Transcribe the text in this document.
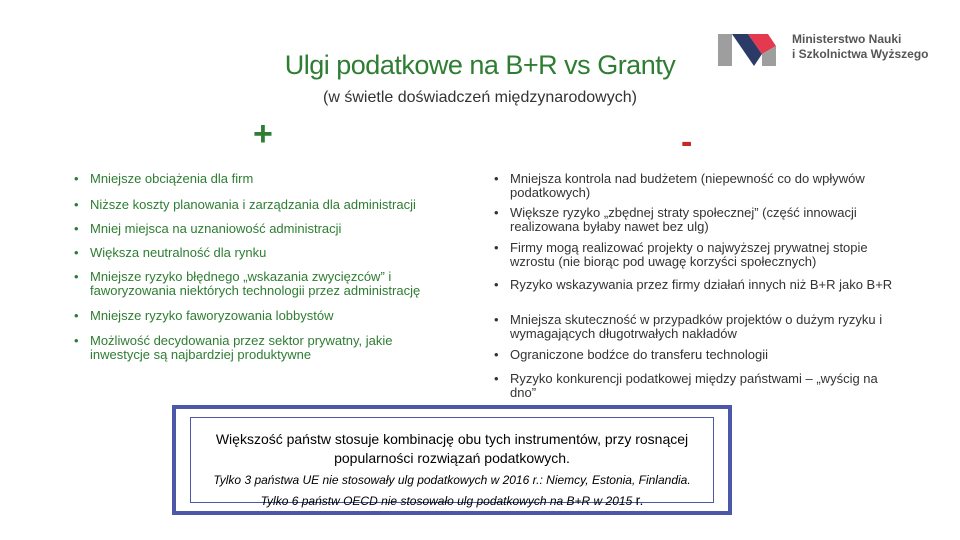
Ulgi podatkowe na B+R vs Granty
(w świetle doświadczeń międzynarodowych)
Ministerstwo Nauki
i Szkolnictwa Wyższego
+	-
• Mniejsze obciążenia dla firm
• Niższe koszty planowania i zarządzania dla administracji
• Mniej miejsca na uznaniowość administracji
• Większa neutralność dla rynku
• Mniejsze ryzyko błędnego „wskazania zwycięzców” i faworyzowania niektórych technologii przez administrację
• Mniejsze ryzyko faworyzowania lobbystów
• Możliwość decydowania przez sektor prywatny, jakie inwestycje są najbardziej produktywne
• Mniejsza kontrola nad budżetem (niepewność co do wpływów podatkowych)
• Większe ryzyko „zbędnej straty społecznej” (część innowacji realizowana byłaby nawet bez ulg)
• Firmy mogą realizować projekty o najwyższej prywatnej stopie wzrostu (nie biorąc pod uwagę korzyści społecznych)
• Ryzyko wskazywania przez firmy działań innych niż B+R jako B+R
• Mniejsza skuteczność w przypadków projektów o dużym ryzyku i wymagających długotrwałych nakładów
• Ograniczone bodźce do transferu technologii
• Ryzyko konkurencji podatkowej między państwami – „wyścig na dno”
Większość państw stosuje kombinację obu tych instrumentów, przy rosnącej popularności rozwiązań podatkowych.
Tylko 3 państwa UE nie stosowały ulg podatkowych w 2016 r.: Niemcy, Estonia, Finlandia.
Tylko 6 państw OECD nie stosowało ulg podatkowych na B+R w 2015 r.
